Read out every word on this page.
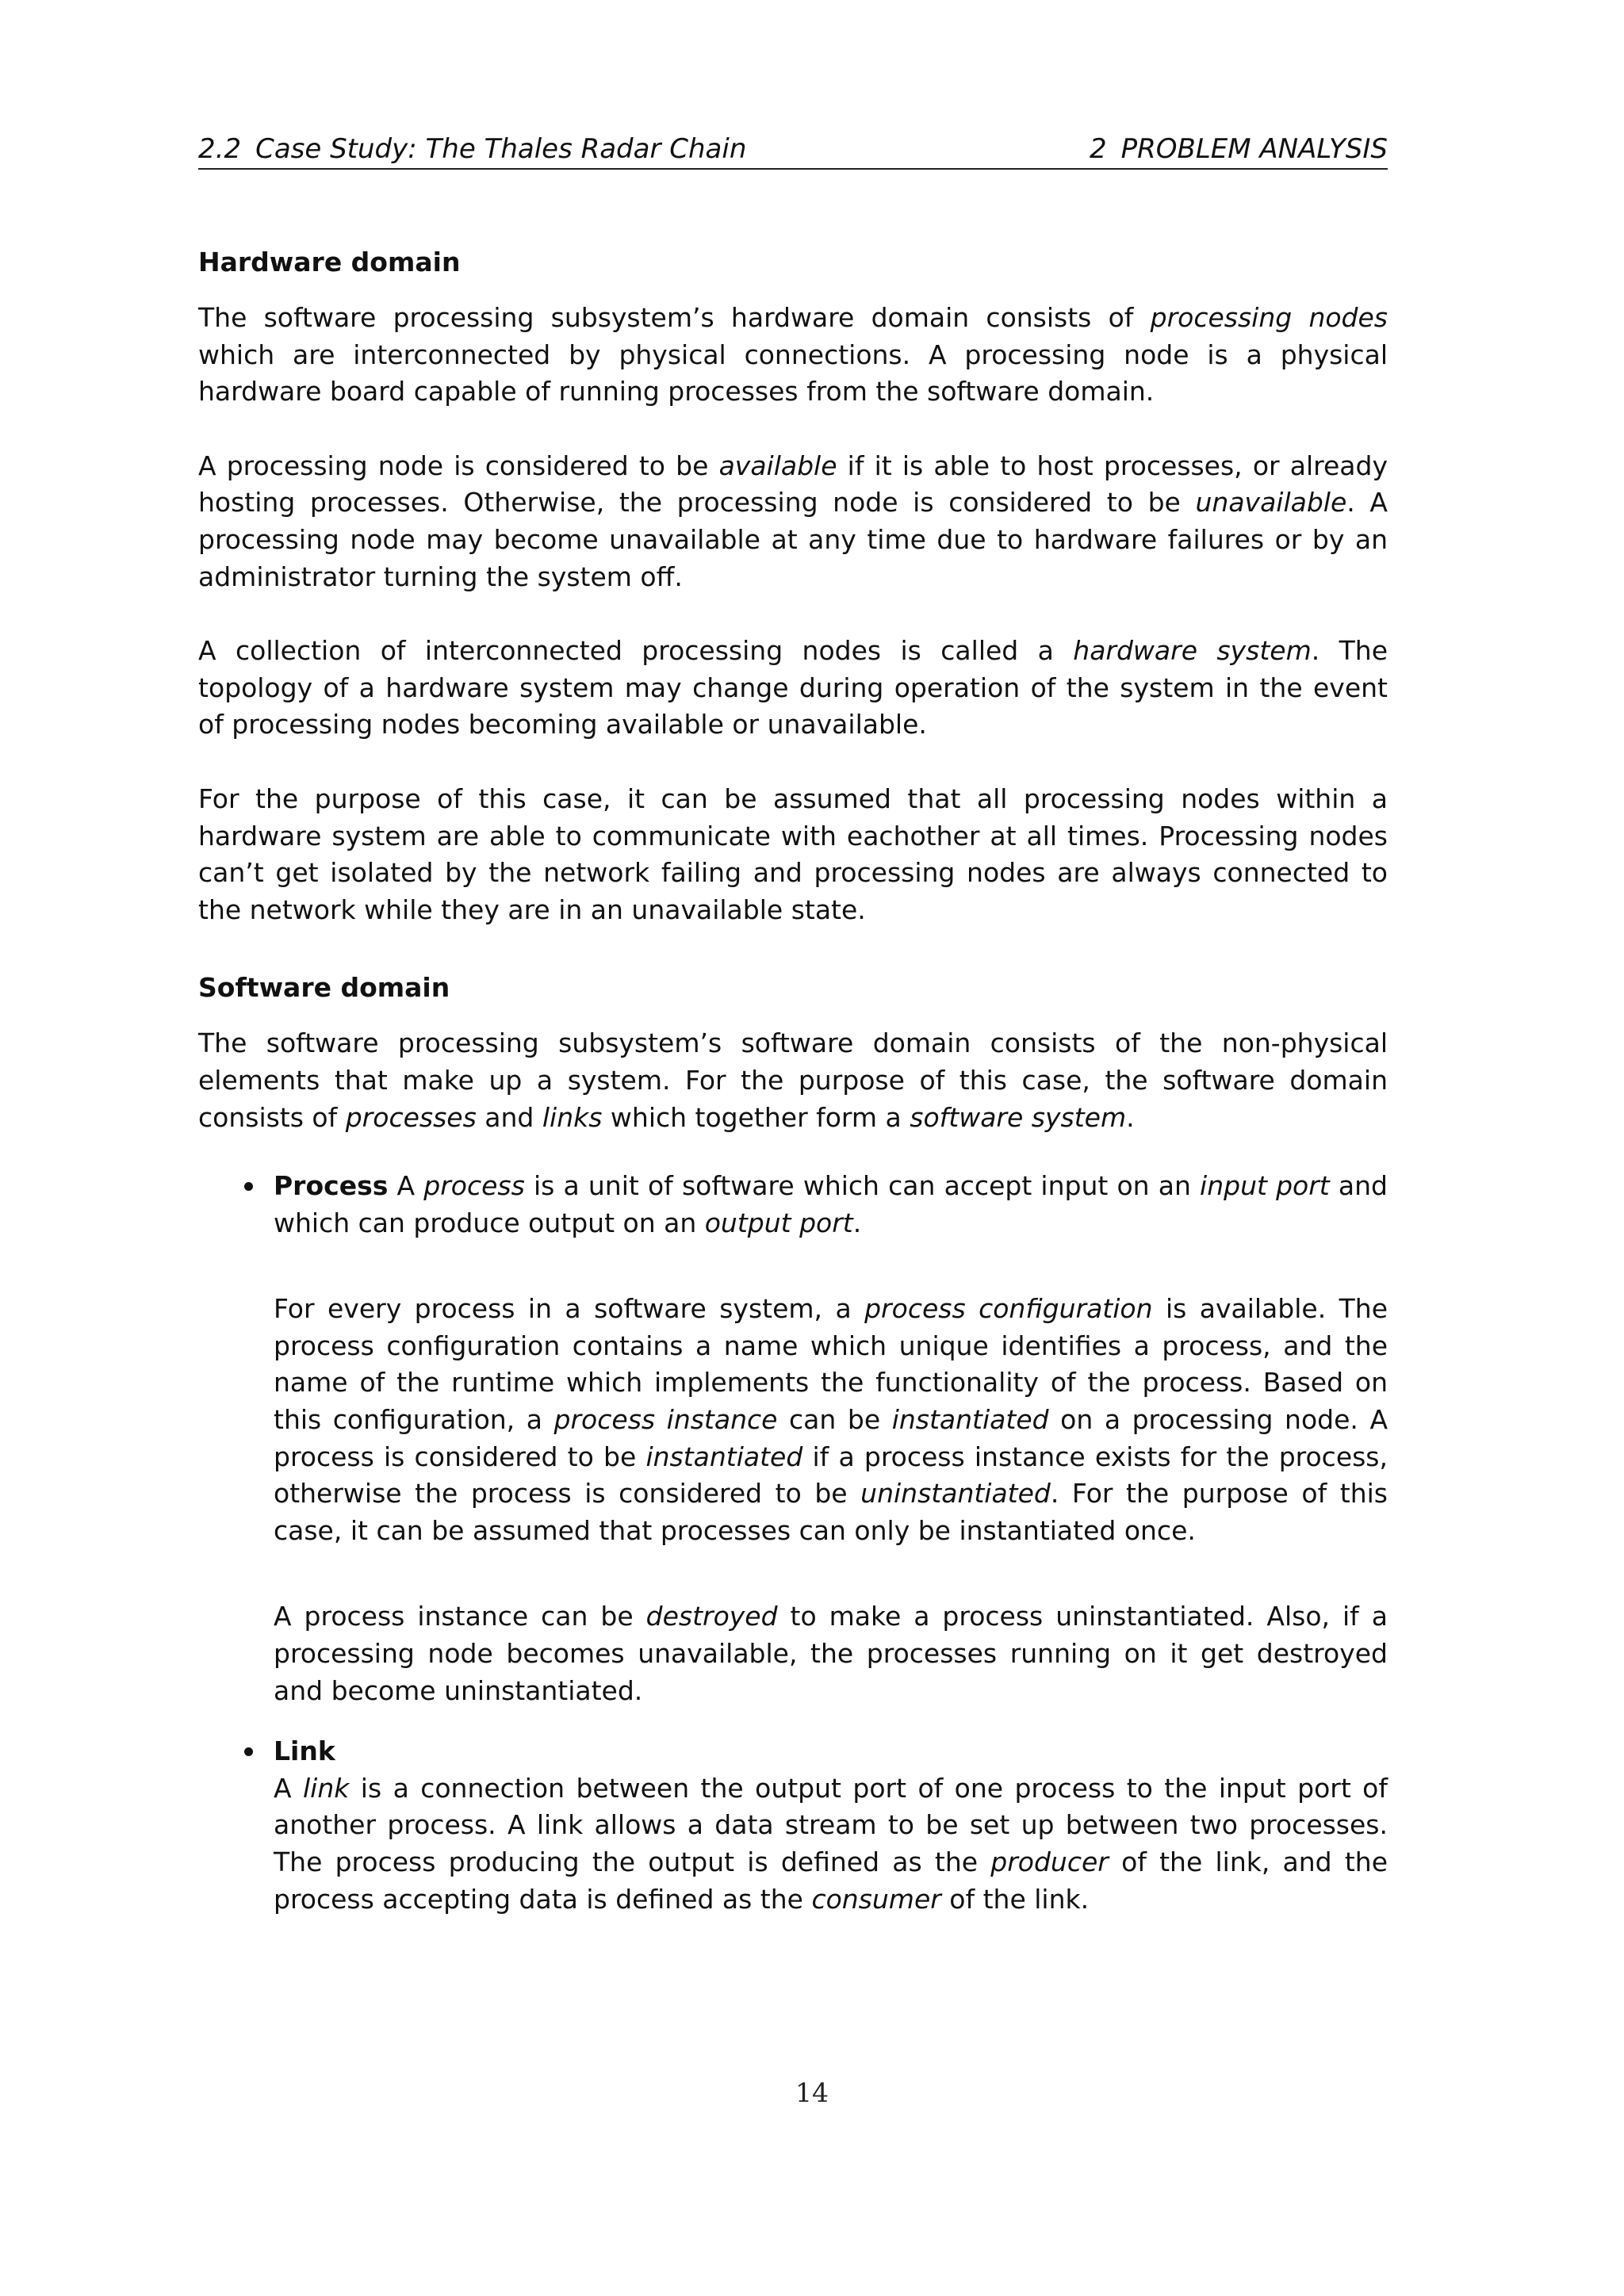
2.2 Case Study: The Thales Radar Chain	2 PROBLEM ANALYSIS
Hardware domain

The software processing subsystem’s hardware domain consists of processing nodes which are interconnected by physical connections. A processing node is a physical hardware board capable of running processes from the software domain.

A processing node is considered to be available if it is able to host processes, or already hosting processes. Otherwise, the processing node is considered to be unavailable. A processing node may become unavailable at any time due to hardware failures or by an administrator turning the system off.

A collection of interconnected processing nodes is called a hardware system. The topology of a hardware system may change during operation of the system in the event of processing nodes becoming available or unavailable.

For the purpose of this case, it can be assumed that all processing nodes within a hardware system are able to communicate with eachother at all times. Processing nodes can’t get isolated by the network failing and processing nodes are always connected to the network while they are in an unavailable state.

Software domain

The software processing subsystem’s software domain consists of the non-physical elements that make up a system. For the purpose of this case, the software domain consists of processes and links which together form a software system.

Process A process is a unit of software which can accept input on an input port and which can produce output on an output port.

For every process in a software system, a process configuration is available. The process configuration contains a name which unique identifies a process, and the name of the runtime which implements the functionality of the process. Based on this configuration, a process instance can be instantiated on a processing node. A process is considered to be instantiated if a process instance exists for the process, otherwise the process is considered to be uninstantiated. For the purpose of this case, it can be assumed that processes can only be instantiated once.

A process instance can be destroyed to make a process uninstantiated. Also, if a processing node becomes unavailable, the processes running on it get destroyed and become uninstantiated.

Link

A link is a connection between the output port of one process to the input port of another process. A link allows a data stream to be set up between two processes. The process producing the output is defined as the producer of the link, and the process accepting data is defined as the consumer of the link.

14
